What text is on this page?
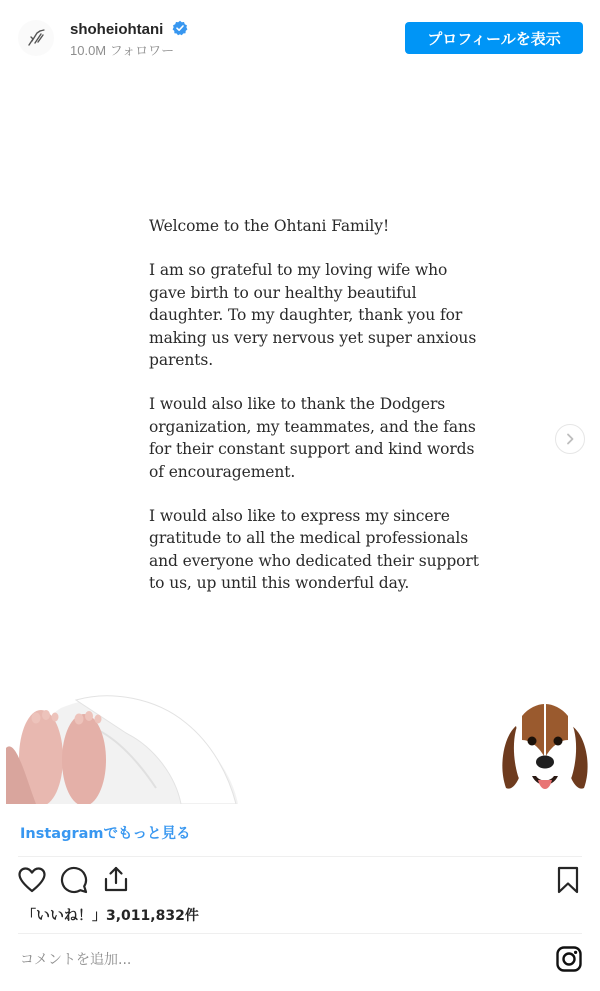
shoheiohtani
10.0M フォロワー
プロフィールを表示

Welcome to the Ohtani Family!

I am so grateful to my loving wife who gave birth to our healthy beautiful daughter. To my daughter, thank you for making us very nervous yet super anxious parents.

I would also like to thank the Dodgers organization, my teammates, and the fans for their constant support and kind words of encouragement.

I would also like to express my sincere gratitude to all the medical professionals and everyone who dedicated their support to us, up until this wonderful day.

Instagramでもっと見る
「いいね！」3,011,832件
コメントを追加...
